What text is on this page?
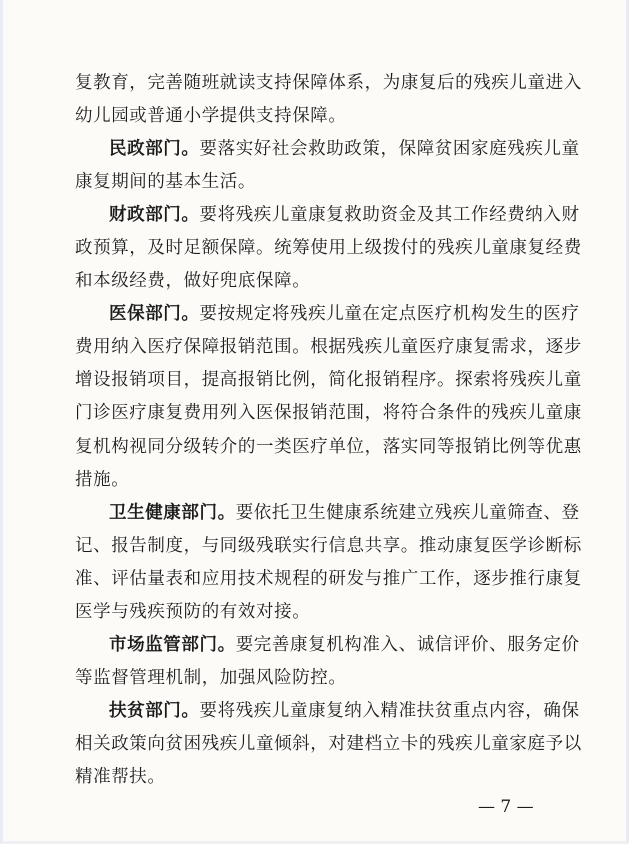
复教育，完善随班就读支持保障体系，为康复后的残疾儿童进入
幼儿园或普通小学提供支持保障。
民政部门。要落实好社会救助政策，保障贫困家庭残疾儿童
康复期间的基本生活。
财政部门。要将残疾儿童康复救助资金及其工作经费纳入财
政预算，及时足额保障。统筹使用上级拨付的残疾儿童康复经费
和本级经费，做好兜底保障。
医保部门。要按规定将残疾儿童在定点医疗机构发生的医疗
费用纳入医疗保障报销范围。根据残疾儿童医疗康复需求，逐步
增设报销项目，提高报销比例，简化报销程序。探索将残疾儿童
门诊医疗康复费用列入医保报销范围，将符合条件的残疾儿童康
复机构视同分级转介的一类医疗单位，落实同等报销比例等优惠
措施。
卫生健康部门。要依托卫生健康系统建立残疾儿童筛查、登
记、报告制度，与同级残联实行信息共享。推动康复医学诊断标
准、评估量表和应用技术规程的研发与推广工作，逐步推行康复
医学与残疾预防的有效对接。
市场监管部门。要完善康复机构准入、诚信评价、服务定价
等监督管理机制，加强风险防控。
扶贫部门。要将残疾儿童康复纳入精准扶贫重点内容，确保
相关政策向贫困残疾儿童倾斜，对建档立卡的残疾儿童家庭予以
精准帮扶。
— 7 —
